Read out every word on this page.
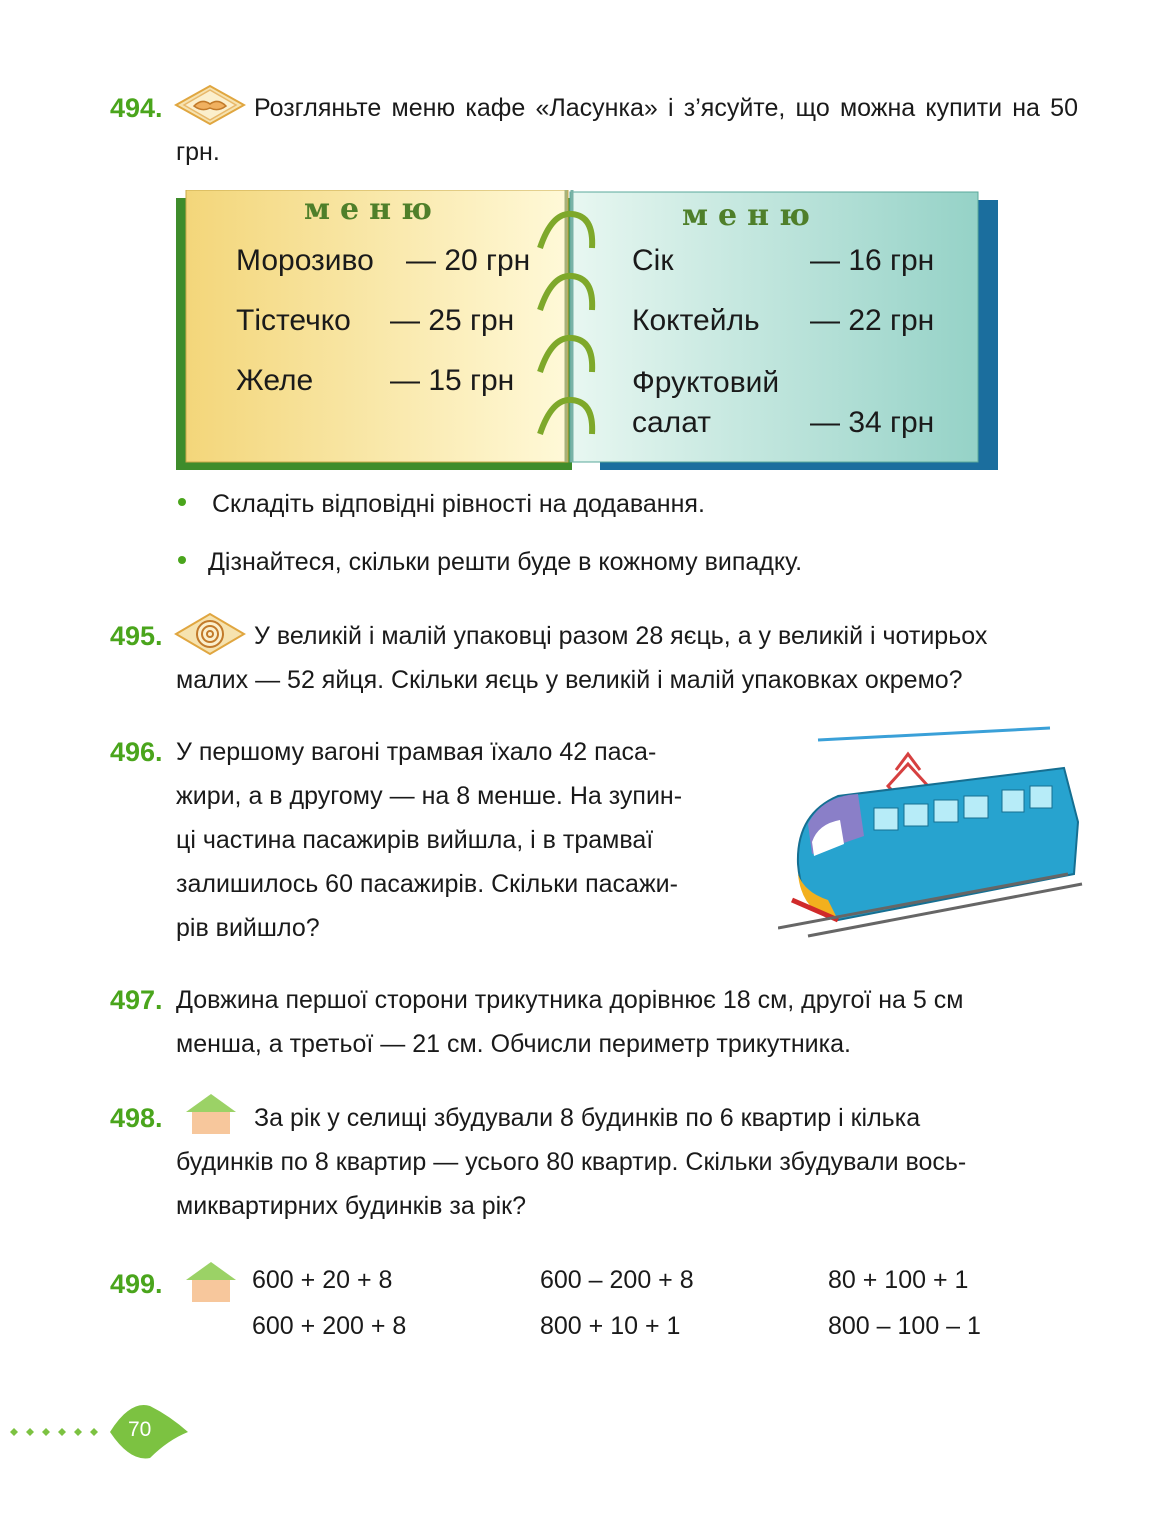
494.	Розгляньте меню кафе «Ласунка» і з’ясуйте, що можна купити на 50 грн.
меню	меню
Морозиво — 20 грн
Тістечко — 25 грн
Желе	— 15 грн
Сік	— 16 грн
Коктейль — 22 грн
Фруктовий
салат	— 34 грн
Складіть відповідні рівності на додавання.
Дізнайтеся, скільки решти буде в кожному випадку.
495.	У великій і малій упаковці разом 28 яєць, а у великій і чотирьох
малих — 52 яйця. Скільки яєць у великій і малій упаковках окремо?
496. У першому вагоні трамвая їхало 42 паса-
жири, а в другому — на 8 менше. На зупин-
ці частина пасажирів вийшла, і в трамваї
залишилось 60 пасажирів. Скільки пасажи-
рів вийшло?
497. Довжина першої сторони трикутника дорівнює 18 см, другої на 5 см
менша, а третьої — 21 см. Обчисли периметр трикутника.
498.	За рік у селищі збудували 8 будинків по 6 квартир і кілька
будинків по 8 квартир — усього 80 квартир. Скільки збудували вось-
миквартирних будинків за рік?
499.	600 + 20 + 8	600 – 200 + 8	80 + 100 + 1
600 + 200 + 8	800 + 10 + 1	800 – 100 – 1
70
